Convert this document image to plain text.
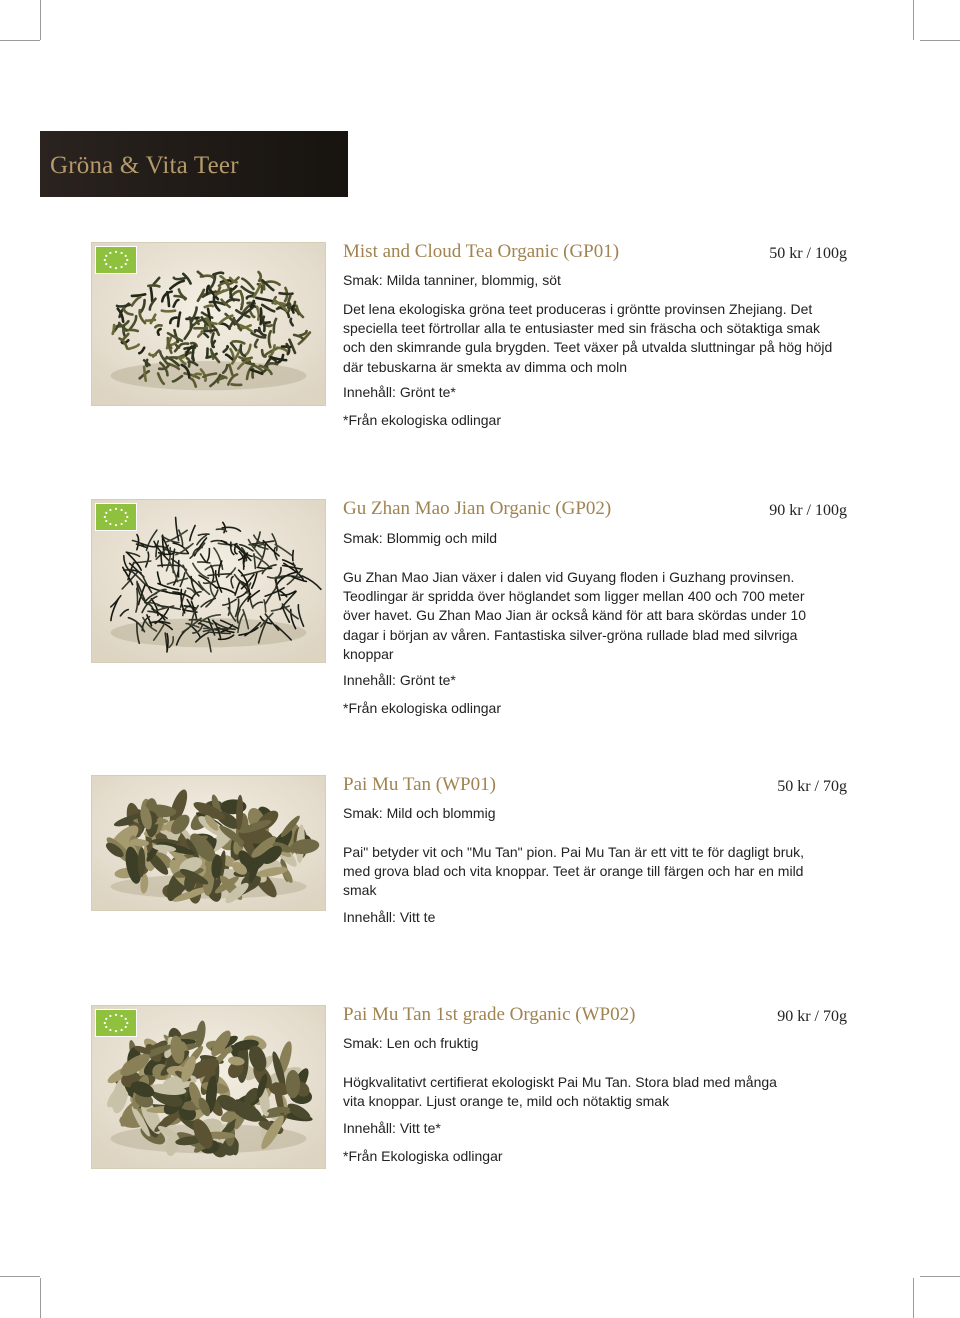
Gröna & Vita Teer
Mist and Cloud Tea Organic (GP01)	50 kr / 100g
Smak: Milda tanniner, blommig, söt
Det lena ekologiska gröna teet produceras i gröntte provinsen Zhejiang. Det
speciella teet förtrollar alla te entusiaster med sin fräscha och sötaktiga smak
och den skimrande gula brygden. Teet växer på utvalda sluttningar på hög höjd
där tebuskarna är smekta av dimma och moln
Innehåll: Grönt te*
*Från ekologiska odlingar
Gu Zhan Mao Jian Organic (GP02)	90 kr / 100g
Smak: Blommig och mild
Gu Zhan Mao Jian växer i dalen vid Guyang floden i Guzhang provinsen.
Teodlingar är spridda över höglandet som ligger mellan 400 och 700 meter
över havet. Gu Zhan Mao Jian är också känd för att bara skördas under 10
dagar i början av våren. Fantastiska silver-gröna rullade blad med silvriga
knoppar
Innehåll: Grönt te*
*Från ekologiska odlingar
Pai Mu Tan (WP01)	50 kr / 70g
Smak: Mild och blommig
Pai" betyder vit och "Mu Tan" pion. Pai Mu Tan är ett vitt te för dagligt bruk,
med grova blad och vita knoppar. Teet är orange till färgen och har en mild
smak
Innehåll: Vitt te
Pai Mu Tan 1st grade Organic (WP02)	90 kr / 70g
Smak: Len och fruktig
Högkvalitativt certifierat ekologiskt Pai Mu Tan. Stora blad med många
vita knoppar. Ljust orange te, mild och nötaktig smak
Innehåll: Vitt te*
*Från Ekologiska odlingar
